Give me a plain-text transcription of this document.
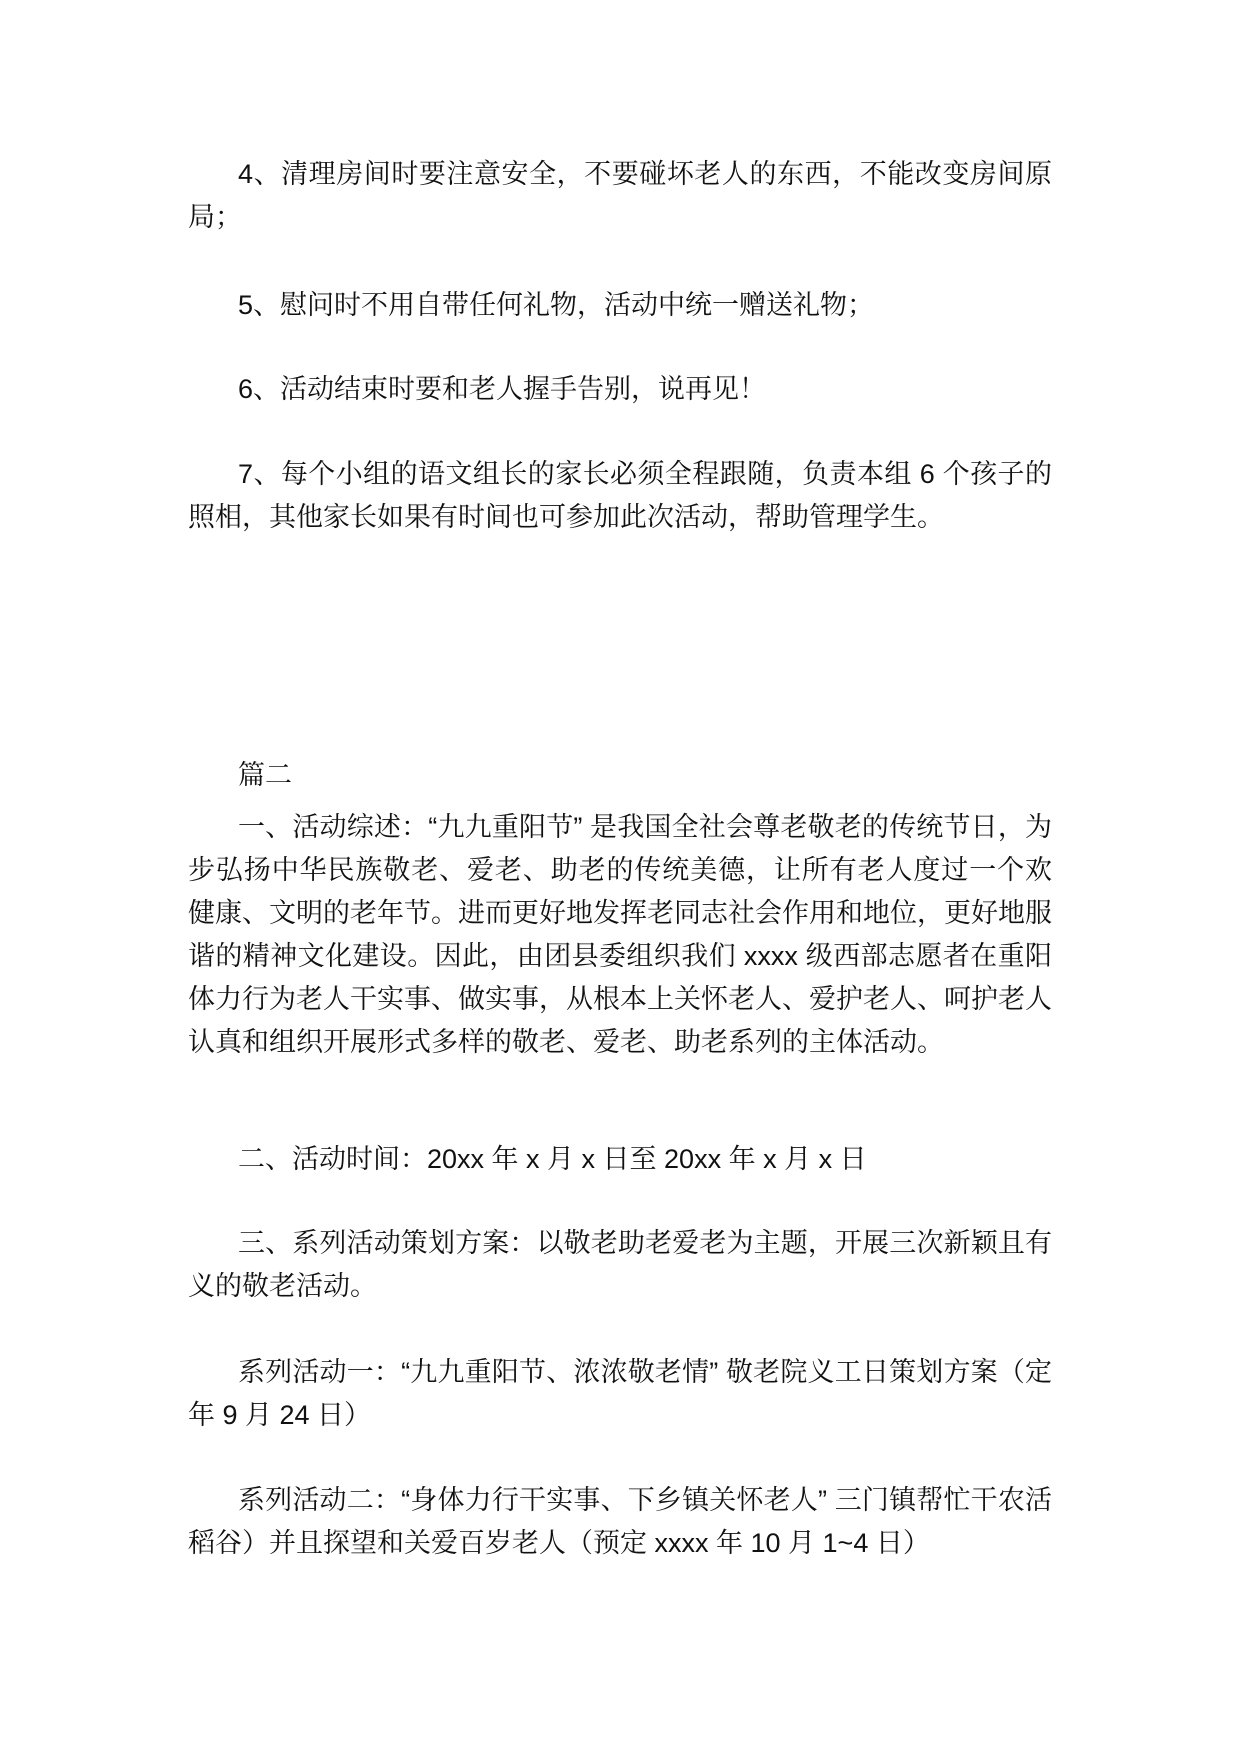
4、清理房间时要注意安全，不要碰坏老人的东西，不能改变房间原
局；
5、慰问时不用自带任何礼物，活动中统一赠送礼物；
6、活动结束时要和老人握手告别，说再见！
7、每个小组的语文组长的家长必须全程跟随，负责本组 6 个孩子的
照相，其他家长如果有时间也可参加此次活动，帮助管理学生。
篇二
一、活动综述：“九九重阳节” 是我国全社会尊老敬老的传统节日，为
步弘扬中华民族敬老、爱老、助老的传统美德，让所有老人度过一个欢
健康、文明的老年节。进而更好地发挥老同志社会作用和地位，更好地服
谐的精神文化建设。因此，由团县委组织我们 xxxx 级西部志愿者在重阳
体力行为老人干实事、做实事，从根本上关怀老人、爱护老人、呵护老人
认真和组织开展形式多样的敬老、爱老、助老系列的主体活动。
二、活动时间：20xx 年 x 月 x 日至 20xx 年 x 月 x 日
三、系列活动策划方案：以敬老助老爱老为主题，开展三次新颖且有
义的敬老活动。
系列活动一：“九九重阳节、浓浓敬老情” 敬老院义工日策划方案（定
年 9 月 24 日）
系列活动二：“身体力行干实事、下乡镇关怀老人” 三门镇帮忙干农活
稻谷）并且探望和关爱百岁老人（预定 xxxx 年 10 月 1~4 日）
